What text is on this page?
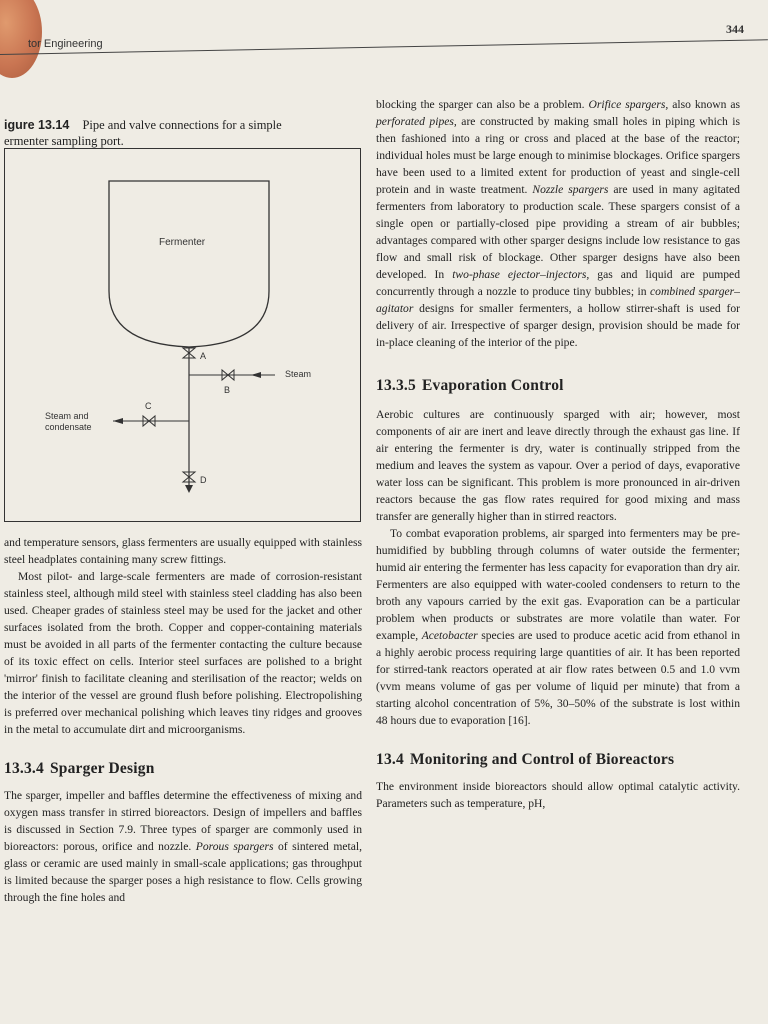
tor Engineering
344
igure 13.14 Pipe and valve connections for a simple
ermenter sampling port.
Fermenter
A
B
C
D
Steam
Steam and
condensate

and temperature sensors, glass fermenters are usually equipped with stainless steel headplates containing many screw fittings.

Most pilot- and large-scale fermenters are made of corrosion-resistant stainless steel, although mild steel with stainless steel cladding has also been used. Cheaper grades of stainless steel may be used for the jacket and other surfaces isolated from the broth. Copper and copper-containing materials must be avoided in all parts of the fermenter contacting the culture because of its toxic effect on cells. Interior steel surfaces are polished to a bright 'mirror' finish to facilitate cleaning and sterilisation of the reactor; welds on the interior of the vessel are ground flush before polishing. Electropolishing is preferred over mechanical polishing which leaves tiny ridges and grooves in the metal to accumulate dirt and microorganisms.

13.3.4 Sparger Design

The sparger, impeller and baffles determine the effectiveness of mixing and oxygen mass transfer in stirred bioreactors. Design of impellers and baffles is discussed in Section 7.9. Three types of sparger are commonly used in bioreactors: porous, orifice and nozzle. Porous spargers of sintered metal, glass or ceramic are used mainly in small-scale applications; gas throughput is limited because the sparger poses a high resistance to flow. Cells growing through the fine holes and

blocking the sparger can also be a problem. Orifice spargers, also known as perforated pipes, are constructed by making small holes in piping which is then fashioned into a ring or cross and placed at the base of the reactor; individual holes must be large enough to minimise blockages. Orifice spargers have been used to a limited extent for production of yeast and single-cell protein and in waste treatment. Nozzle spargers are used in many agitated fermenters from laboratory to production scale. These spargers consist of a single open or partially-closed pipe providing a stream of air bubbles; advantages compared with other sparger designs include low resistance to gas flow and small risk of blockage. Other sparger designs have also been developed. In two-phase ejector–injectors, gas and liquid are pumped concurrently through a nozzle to produce tiny bubbles; in combined sparger–agitator designs for smaller fermenters, a hollow stirrer-shaft is used for delivery of air. Irrespective of sparger design, provision should be made for in-place cleaning of the interior of the pipe.

13.3.5 Evaporation Control

Aerobic cultures are continuously sparged with air; however, most components of air are inert and leave directly through the exhaust gas line. If air entering the fermenter is dry, water is continually stripped from the medium and leaves the system as vapour. Over a period of days, evaporative water loss can be significant. This problem is more pronounced in air-driven reactors because the gas flow rates required for good mixing and mass transfer are generally higher than in stirred reactors.

To combat evaporation problems, air sparged into fermenters may be pre-humidified by bubbling through columns of water outside the fermenter; humid air entering the fermenter has less capacity for evaporation than dry air. Fermenters are also equipped with water-cooled condensers to return to the broth any vapours carried by the exit gas. Evaporation can be a particular problem when products or substrates are more volatile than water. For example, Acetobacter species are used to produce acetic acid from ethanol in a highly aerobic process requiring large quantities of air. It has been reported for stirred-tank reactors operated at air flow rates between 0.5 and 1.0 vvm (vvm means volume of gas per volume of liquid per minute) that from a starting alcohol concentration of 5%, 30–50% of the substrate is lost within 48 hours due to evaporation [16].

13.4 Monitoring and Control of Bioreactors

The environment inside bioreactors should allow optimal catalytic activity. Parameters such as temperature, pH,
